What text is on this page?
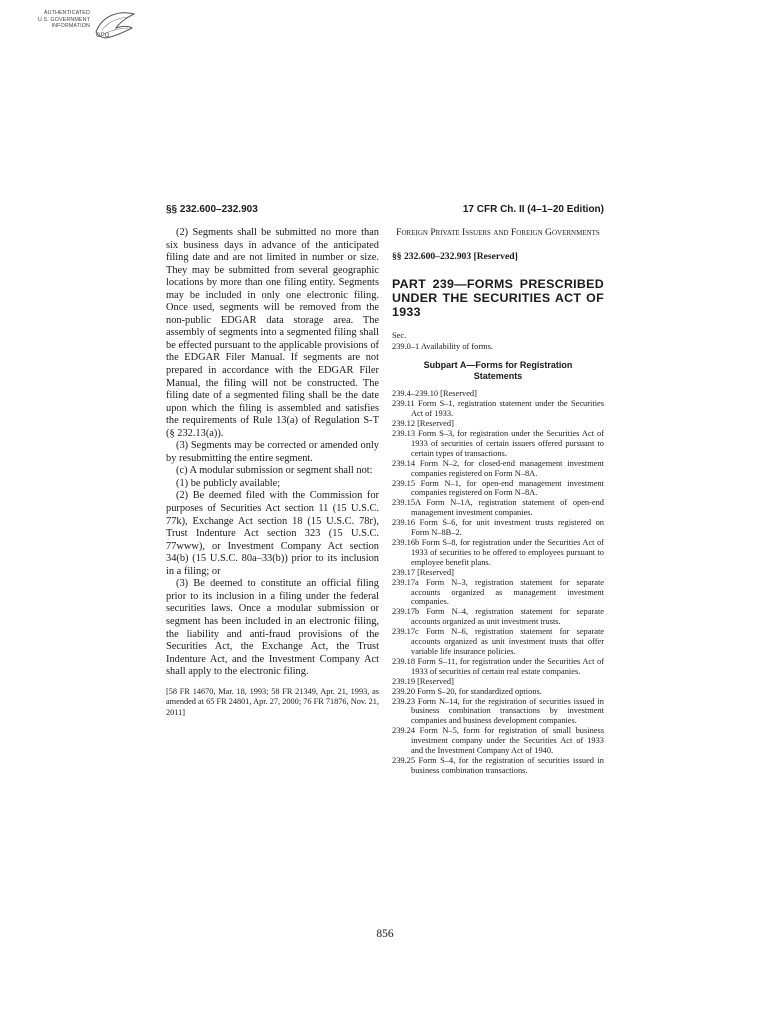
AUTHENTICATED
U.S. GOVERNMENT
INFORMATION
GPO
§§ 232.600–232.903	17 CFR Ch. II (4–1–20 Edition)

(2) Segments shall be submitted no more than six business days in advance of the anticipated filing date and are not limited in number or size. They may be submitted from several geographic locations by more than one filing entity. Segments may be included in only one electronic filing. Once used, segments will be removed from the non-public EDGAR data storage area. The assembly of segments into a segmented filing shall be effected pursuant to the applicable provisions of the EDGAR Filer Manual. If segments are not prepared in accordance with the EDGAR Filer Manual, the filing will not be constructed. The filing date of a segmented filing shall be the date upon which the filing is assembled and satisfies the requirements of Rule 13(a) of Regulation S-T (§ 232.13(a)).

(3) Segments may be corrected or amended only by resubmitting the entire segment.

(c) A modular submission or segment shall not:

(1) be publicly available;

(2) Be deemed filed with the Commission for purposes of Securities Act section 11 (15 U.S.C. 77k), Exchange Act section 18 (15 U.S.C. 78r), Trust Indenture Act section 323 (15 U.S.C. 77www), or Investment Company Act section 34(b) (15 U.S.C. 80a–33(b)) prior to its inclusion in a filing; or

(3) Be deemed to constitute an official filing prior to its inclusion in a filing under the federal securities laws. Once a modular submission or segment has been included in an electronic filing, the liability and anti-fraud provisions of the Securities Act, the Exchange Act, the Trust Indenture Act, and the Investment Company Act shall apply to the electronic filing.

[58 FR 14670, Mar. 18, 1993; 58 FR 21349, Apr. 21, 1993, as amended at 65 FR 24801, Apr. 27, 2000; 76 FR 71876, Nov. 21, 2011]

Foreign Private Issuers and Foreign Governments

§§ 232.600–232.903 [Reserved]

PART 239—FORMS PRESCRIBED UNDER THE SECURITIES ACT OF 1933

Sec.

239.0–1 Availability of forms.

Subpart A—Forms for Registration Statements

239.4–239.10 [Reserved]

239.11 Form S–1, registration statement under the Securities Act of 1933.

239.12 [Reserved]

239.13 Form S–3, for registration under the Securities Act of 1933 of securities of certain issuers offered pursuant to certain types of transactions.

239.14 Form N–2, for closed-end management investment companies registered on Form N–8A.

239.15 Form N–1, for open-end management investment companies registered on Form N–8A.

239.15A Form N–1A, registration statement of open-end management investment companies.

239.16 Form S–6, for unit investment trusts registered on Form N–8B–2.

239.16b Form S–8, for registration under the Securities Act of 1933 of securities to be offered to employees pursuant to employee benefit plans.

239.17 [Reserved]

239.17a Form N–3, registration statement for separate accounts organized as management investment companies.

239.17b Form N–4, registration statement for separate accounts organized as unit investment trusts.

239.17c Form N–6, registration statement for separate accounts organized as unit investment trusts that offer variable life insurance policies.

239.18 Form S–11, for registration under the Securities Act of 1933 of securities of certain real estate companies.

239.19 [Reserved]

239.20 Form S–20, for standardized options.

239.23 Form N–14, for the registration of securities issued in business combination transactions by investment companies and business development companies.

239.24 Form N–5, form for registration of small business investment company under the Securities Act of 1933 and the Investment Company Act of 1940.

239.25 Form S–4, for the registration of securities issued in business combination transactions.

856
